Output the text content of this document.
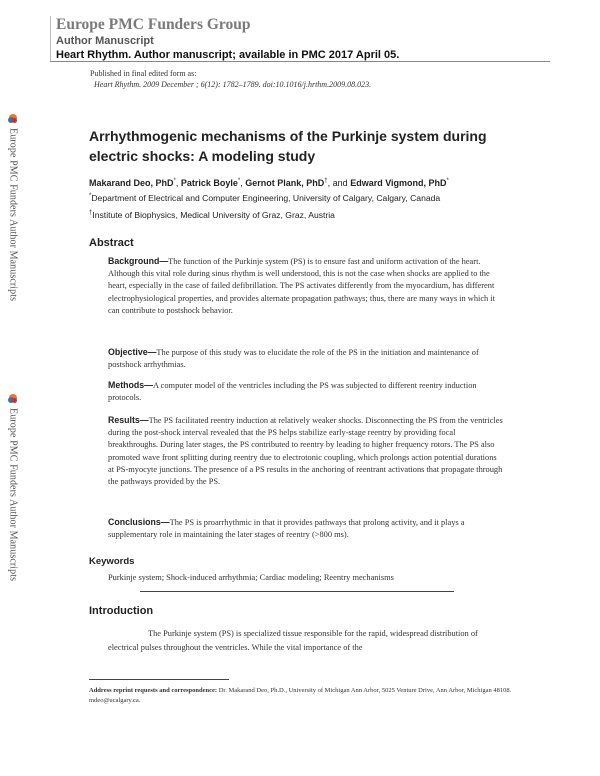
Europe PMC Funders Group
Author Manuscript
Heart Rhythm. Author manuscript; available in PMC 2017 April 05.
Published in final edited form as:
Heart Rhythm. 2009 December ; 6(12): 1782–1789. doi:10.1016/j.hrthm.2009.08.023.
Europe PMC Funders Author Manuscripts
Europe PMC Funders Author Manuscripts
Arrhythmogenic mechanisms of the Purkinje system during electric shocks: A modeling study
Makarand Deo, PhD*, Patrick Boyle*, Gernot Plank, PhD†, and Edward Vigmond, PhD*
*Department of Electrical and Computer Engineering, University of Calgary, Calgary, Canada
†Institute of Biophysics, Medical University of Graz, Graz, Austria
Abstract
Background—The function of the Purkinje system (PS) is to ensure fast and uniform activation of the heart. Although this vital role during sinus rhythm is well understood, this is not the case when shocks are applied to the heart, especially in the case of failed defibrillation. The PS activates differently from the myocardium, has different electrophysiological properties, and provides alternate propagation pathways; thus, there are many ways in which it can contribute to postshock behavior.
Objective—The purpose of this study was to elucidate the role of the PS in the initiation and maintenance of postshock arrhythmias.
Methods—A computer model of the ventricles including the PS was subjected to different reentry induction protocols.
Results—The PS facilitated reentry induction at relatively weaker shocks. Disconnecting the PS from the ventricles during the post-shock interval revealed that the PS helps stabilize early-stage reentry by providing focal breakthroughs. During later stages, the PS contributed to reentry by leading to higher frequency rotors. The PS also promoted wave front splitting during reentry due to electrotonic coupling, which prolongs action potential durations at PS-myocyte junctions. The presence of a PS results in the anchoring of reentrant activations that propagate through the pathways provided by the PS.
Conclusions—The PS is proarrhythmic in that it provides pathways that prolong activity, and it plays a supplementary role in maintaining the later stages of reentry (>800 ms).
Keywords
Purkinje system; Shock-induced arrhythmia; Cardiac modeling; Reentry mechanisms
Introduction
The Purkinje system (PS) is specialized tissue responsible for the rapid, widespread distribution of electrical pulses throughout the ventricles. While the vital importance of the
Address reprint requests and correspondence: Dr. Makarand Deo, Ph.D., University of Michigan Ann Arbor, 5025 Venture Drive, Ann Arbor, Michigan 48108. mdeo@ucalgary.ca.
